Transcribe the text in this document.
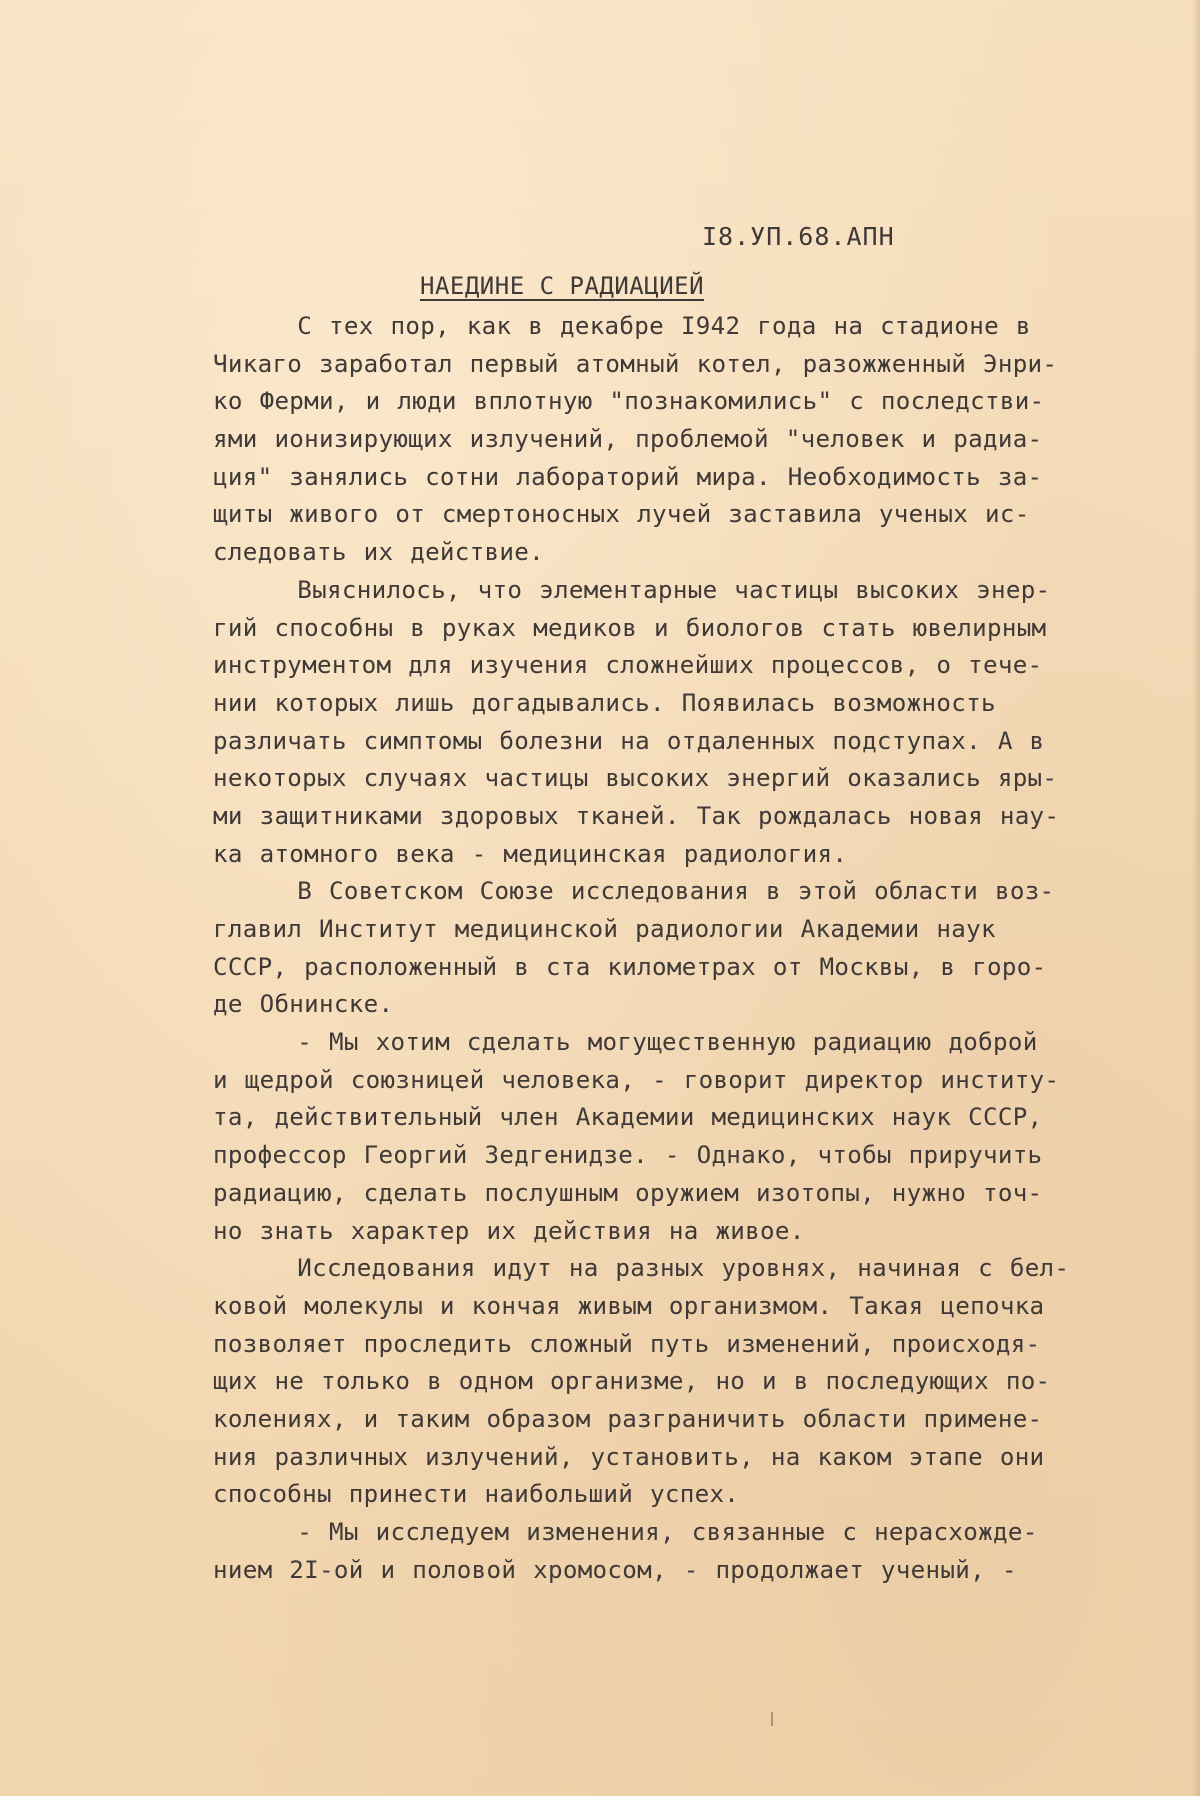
I8.УП.68.АПН
НАЕДИНЕ С РАДИАЦИЕЙ
С тех пор, как в декабре I942 года на стадионе в
Чикаго заработал первый атомный котел, разожженный Энри-
ко Ферми, и люди вплотную "познакомились" с последстви-
ями ионизирующих излучений, проблемой "человек и радиа-
ция" занялись сотни лабораторий мира. Необходимость за-
щиты живого от смертоносных лучей заставила ученых ис-
следовать их действие.
Выяснилось, что элементарные частицы высоких энер-
гий способны в руках медиков и биологов стать ювелирным
инструментом для изучения сложнейших процессов, о тече-
нии которых лишь догадывались. Появилась возможность
различать симптомы болезни на отдаленных подступах. А в
некоторых случаях частицы высоких энергий оказались яры-
ми защитниками здоровых тканей. Так рождалась новая нау-
ка атомного века - медицинская радиология.
В Советском Союзе исследования в этой области воз-
главил Институт медицинской радиологии Академии наук
СССР, расположенный в ста километрах от Москвы, в горо-
де Обнинске.
- Мы хотим сделать могущественную радиацию доброй
и щедрой союзницей человека, - говорит директор институ-
та, действительный член Академии медицинских наук СССР,
профессор Георгий Зедгенидзе. - Однако, чтобы приручить
радиацию, сделать послушным оружием изотопы, нужно точ-
но знать характер их действия на живое.
Исследования идут на разных уровнях, начиная с бел-
ковой молекулы и кончая живым организмом. Такая цепочка
позволяет проследить сложный путь изменений, происходя-
щих не только в одном организме, но и в последующих по-
колениях, и таким образом разграничить области примене-
ния различных излучений, установить, на каком этапе они
способны принести наибольший успех.
- Мы исследуем изменения, связанные с нерасхожде-
нием 2I-ой и половой хромосом, - продолжает ученый, -
